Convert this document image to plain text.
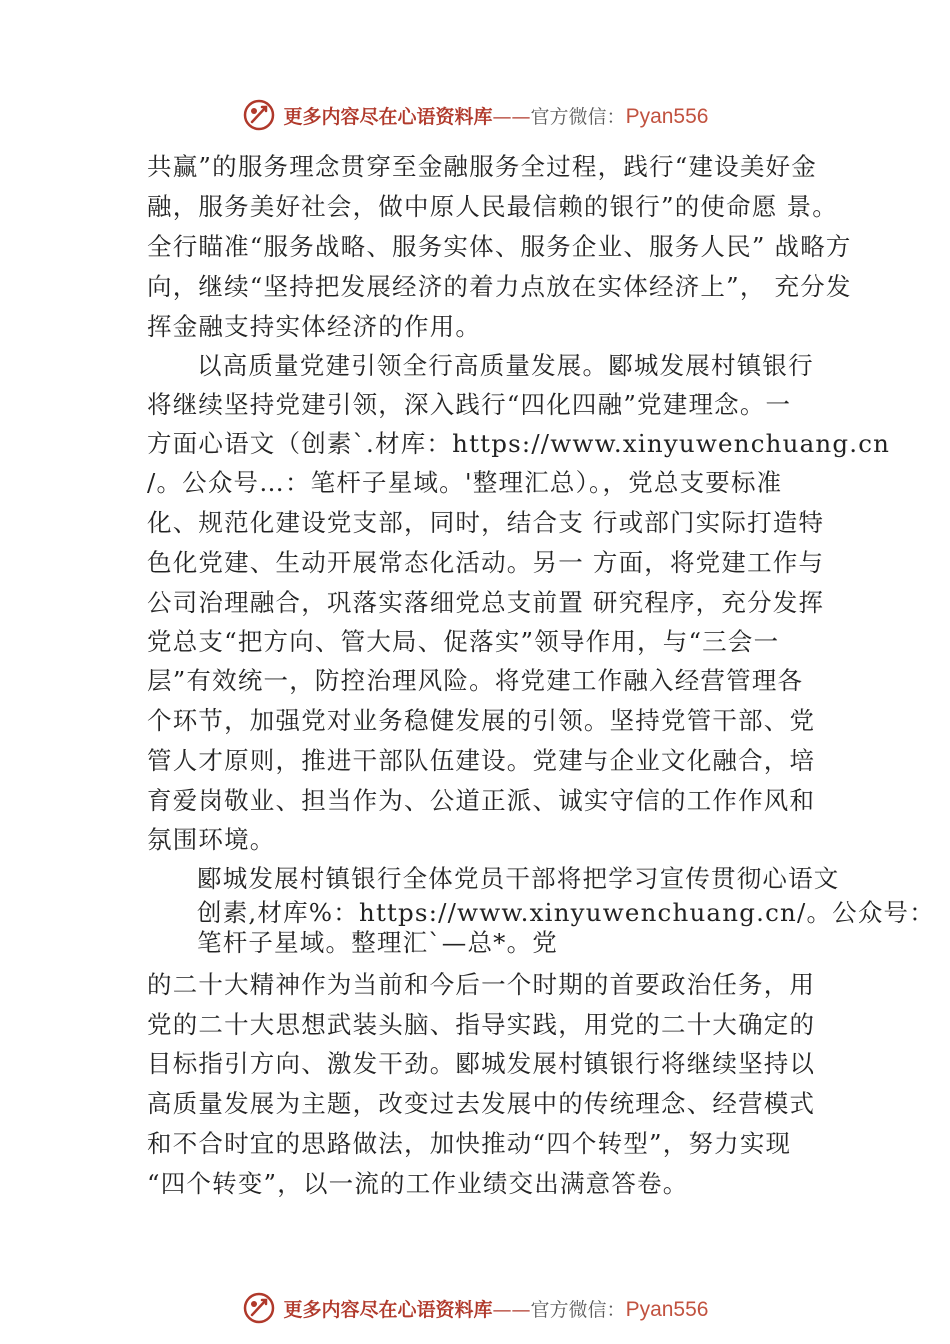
更多内容尽在心语资料库 —— 官方微信： Pyan556
共赢”的服务理念贯穿至金融服务全过程，践行“建设美好金
融，服务美好社会，做中原人民最信赖的银行”的使命愿 景。
全行瞄准“服务战略、服务实体、服务企业、服务人民” 战略方
向，继续“坚持把发展经济的着力点放在实体经济上”， 充分发
挥金融支持实体经济的作用。
以高质量党建引领全行高质量发展。郾城发展村镇银行
将继续坚持党建引领，深入践行“四化四融”党建理念。一
方面心语文（创素`.材库：https://www.xinyuwenchuang.cn
/。公众号…：笔杆子星域。'整理汇总）。，党总支要标准
化、规范化建设党支部，同时，结合支 行或部门实际打造特
色化党建、生动开展常态化活动。另一 方面，将党建工作与
公司治理融合，巩落实落细党总支前置 研究程序，充分发挥
党总支“把方向、管大局、促落实”领导作用，与“三会一
层”有效统一，防控治理风险。将党建工作融入经营管理各
个环节，加强党对业务稳健发展的引领。坚持党管干部、党
管人才原则，推进干部队伍建设。党建与企业文化融合，培
育爱岗敬业、担当作为、公道正派、诚实守信的工作作风和
氛围环境。
郾城发展村镇银行全体党员干部将把学习宣传贯彻心语文
创素,材库%：https://www.xinyuwenchuang.cn/。公众号：
笔杆子星域。整理汇`—总*。党
的二十大精神作为当前和今后一个时期的首要政治任务，用
党的二十大思想武装头脑、指导实践，用党的二十大确定的
目标指引方向、激发干劲。郾城发展村镇银行将继续坚持以
高质量发展为主题，改变过去发展中的传统理念、经营模式
和不合时宜的思路做法，加快推动“四个转型”，努力实现
“四个转变”，以一流的工作业绩交出满意答卷。
更多内容尽在心语资料库 —— 官方微信： Pyan556
